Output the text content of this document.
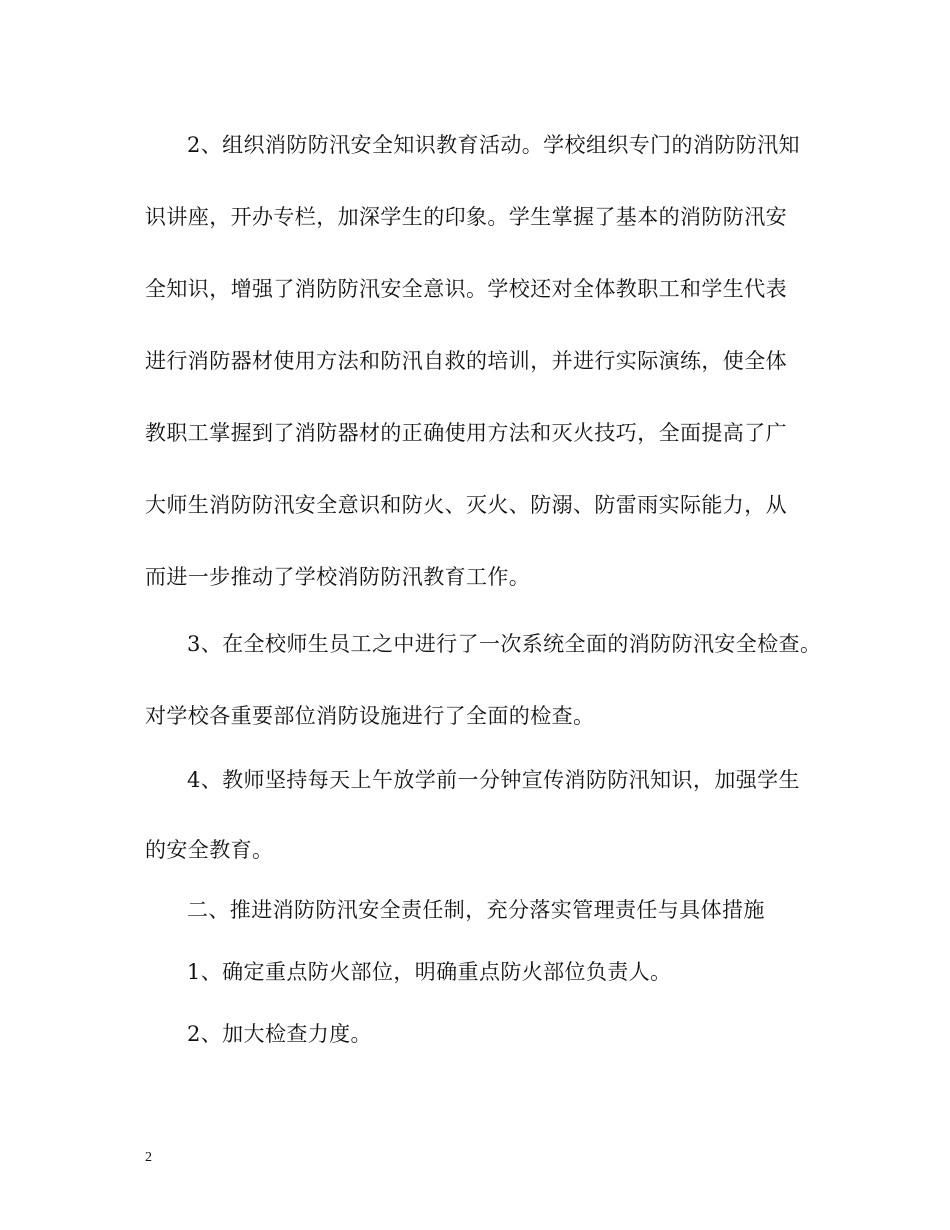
2、组织消防防汛安全知识教育活动。学校组织专门的消防防汛知
识讲座，开办专栏，加深学生的印象。学生掌握了基本的消防防汛安
全知识，增强了消防防汛安全意识。学校还对全体教职工和学生代表
进行消防器材使用方法和防汛自救的培训，并进行实际演练，使全体
教职工掌握到了消防器材的正确使用方法和灭火技巧，全面提高了广
大师生消防防汛安全意识和防火、灭火、防溺、防雷雨实际能力，从
而进一步推动了学校消防防汛教育工作。
3、在全校师生员工之中进行了一次系统全面的消防防汛安全检查。
对学校各重要部位消防设施进行了全面的检查。
4、教师坚持每天上午放学前一分钟宣传消防防汛知识，加强学生
的安全教育。
二、推进消防防汛安全责任制，充分落实管理责任与具体措施
1、确定重点防火部位，明确重点防火部位负责人。
2、加大检查力度。
2
